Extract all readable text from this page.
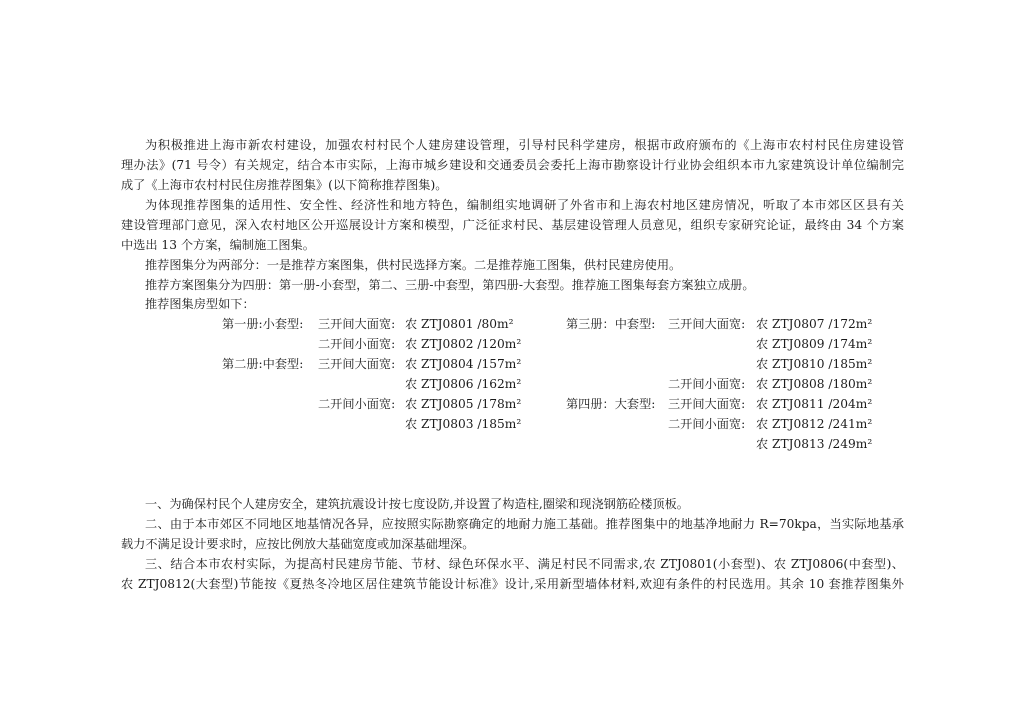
为积极推进上海市新农村建设，加强农村村民个人建房建设管理，引导村民科学建房，根据市政府颁布的《上海市农村村民住房建设管
理办法》(71 号令）有关规定，结合本市实际，上海市城乡建设和交通委员会委托上海市勘察设计行业协会组织本市九家建筑设计单位编制完
成了《上海市农村村民住房推荐图集》(以下简称推荐图集)。
为体现推荐图集的适用性、安全性、经济性和地方特色，编制组实地调研了外省市和上海农村地区建房情况，听取了本市郊区区县有关
建设管理部门意见，深入农村地区公开巡展设计方案和模型，广泛征求村民、基层建设管理人员意见，组织专家研究论证，最终由 34 个方案
中选出 13 个方案，编制施工图集。
推荐图集分为两部分：一是推荐方案图集，供村民选择方案。二是推荐施工图集，供村民建房使用。
推荐方案图集分为四册：第一册-小套型，第二、三册-中套型，第四册-大套型。推荐施工图集每套方案独立成册。
推荐图集房型如下：
第一册:小套型: 三开间大面宽: 农 ZTJ0801 /80m²
二开间小面宽: 农 ZTJ0802 /120m²
第二册:中套型: 三开间大面宽: 农 ZTJ0804 /157m²
农 ZTJ0806 /162m²
二开间小面宽: 农 ZTJ0805 /178m²
农 ZTJ0803 /185m²
第三册：中套型: 三开间大面宽: 农 ZTJ0807 /172m²
农 ZTJ0809 /174m²
农 ZTJ0810 /185m²
二开间小面宽: 农 ZTJ0808 /180m²
第四册：大套型: 三开间大面宽: 农 ZTJ0811 /204m²
二开间小面宽: 农 ZTJ0812 /241m²
农 ZTJ0813 /249m²
一、为确保村民个人建房安全，建筑抗震设计按七度设防,并设置了构造柱,圈梁和现浇钢筋砼楼顶板。
二、由于本市郊区不同地区地基情况各异，应按照实际勘察确定的地耐力施工基础。推荐图集中的地基净地耐力 R=70kpa，当实际地基承
载力不满足设计要求时，应按比例放大基础宽度或加深基础埋深。
三、结合本市农村实际，为提高村民建房节能、节材、绿色环保水平、满足村民不同需求,农 ZTJ0801(小套型)、农 ZTJ0806(中套型)、
农 ZTJ0812(大套型)节能按《夏热冬冷地区居住建筑节能设计标准》设计,采用新型墙体材料,欢迎有条件的村民选用。其余 10 套推荐图集外
